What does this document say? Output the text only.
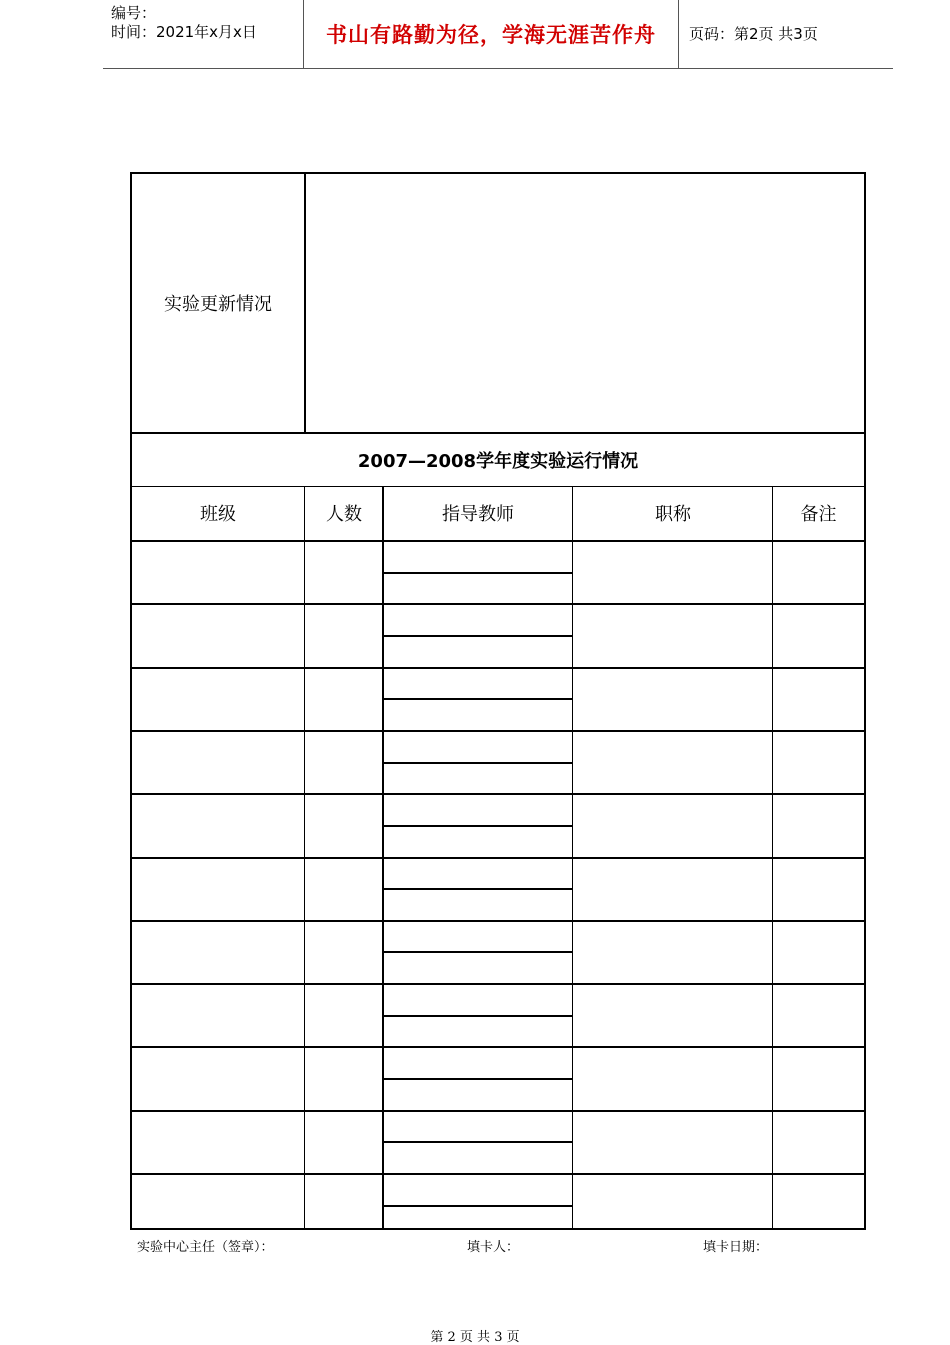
编号：
时间：2021年x月x日	书山有路勤为径，学海无涯苦作舟 页码：第2页 共3页
实验更新情况
2007—2008学年度实验运行情况
班级	人数	指导教师	职称	备注
实验中心主任（签章）：	填卡人：	填卡日期：
第 2 页 共 3 页
